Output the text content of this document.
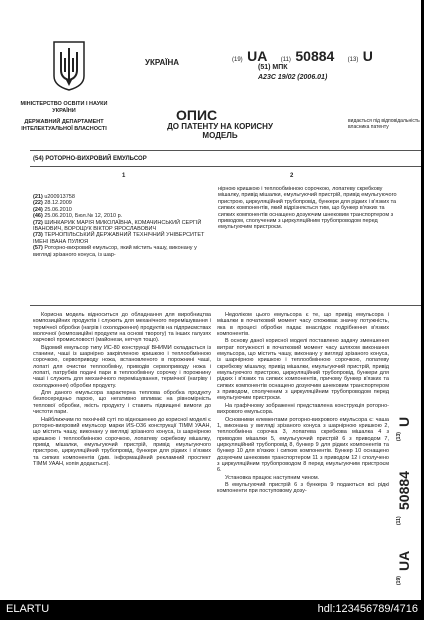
УКРАЇНА
МІНІСТЕРСТВО ОСВІТИ І НАУКИ УКРАЇНИ
ДЕРЖАВНИЙ ДЕПАРТАМЕНТ ІНТЕЛЕКТУАЛЬНОЇ ВЛАСНОСТІ
(19) UA (11) 50884 (13) U
(51) МПК
A23C 19/02 (2006.01)
ОПИС
ДО ПАТЕНТУ НА КОРИСНУ МОДЕЛЬ
видається під відповідальність власника патенту
(54) РОТОРНО-ВИХРОВИЙ ЕМУЛЬСОР
1	2

(21) u200913758

(22) 28.12.2009

(24) 25.06.2010

(46) 25.06.2010, Бюл.№ 12, 2010 р.

(72) ШИНКАРИК МАРІЯ МИКОЛАЇВНА, КОМАЧИНСЬКИЙ СЕРГІЙ ІВАНОВИЧ, ВОРОЩУК ВІКТОР ЯРОСЛАВОВИЧ

(73) ТЕРНОПІЛЬСЬКИЙ ДЕРЖАВНИЙ ТЕХНІЧНИЙ УНІВЕРСИТЕТ ІМЕНІ ІВАНА ПУЛЮЯ

(57) Роторно-вихровий емульсор, який містить чашу, виконану у вигляді зрізаного конуса, із шар-

нірною кришкою і теплообмінною сорочкою, лопатеву скребкову мішалку, привід мішалки, емульгуючий пристрій, привід емульгуючого пристрою, циркуляційний трубопровід, бункери для рідких і в'язких та сипких компонентів, який відрізняється тим, що бункер в'язких та сипких компонентів оснащено дозуючим шнековим транспортером з приводом, сполученим з циркуляційним трубопроводом перед емульгуючим пристроєм.

Корисна модель відноситься до обладнання для виробництва композиційних продуктів і служить для механічного перемішування і термічної обробки (нагрів і охолодження) продуктів на підприємствах молочної (композиційні продукти на основі творогу) та інших галузях харчової промисловості (майонези, кетчуп тощо).

Відомий емульсор типу ИС-80 конструкції ВНИМИ складається із станини, чаші із шарнірно закріпленою кришкою і теплообмінною сорочкою, сервоприводу ножа, встановленого в порожнині чаші, лопаті для очистки теплообміну, приводів сервоприводу ножа і лопаті, патрубків подачі пари в теплообмінну сорочку і порожнину чаші і служить для механічного перемішування, термічної (нагріву і охолодження) обробки продукту.

Для даного емульсора характерна теплова обробка продукту безпосередньо парою, що негативно впливає на рівномірність теплової обробки, якість продукту і ставить підвищені вимоги до чистоти пари.

Найближчим по технічній суті по відношенню до корисної моделі є роторно-вихровий емульсор марки ИS-О36 конструкції ТІММ УААН, що містить чашу, виконану у вигляді зрізаного конуса, із шарнірною кришкою і теплообмінною сорочкою, лопатеву скребкову мішалку, привід мішалки, емульгуючий пристрій, привід емульгуючого пристрою, циркуляційний трубопровід, бункери для рідких і в'язких та сипких компонентів (див. інформаційний рекламний проспект ТІММ УААН, копія додається).

Недоліком цього емульсора є те, що привід емульсора і мішалки в початковий момент часу споживає значну потужність, яка в процесі обробки падає внаслідок подрібнення в'язких компонентів.

В основу даної корисної моделі поставлено задачу зменшення витрат потужності в початковий момент часу шляхом виконання емульсора, що містить чашу, виконану у вигляді зрізаного конуса, із шарнірною кришкою і теплообмінною сорочкою, лопатеву скребкову мішалку, привід мішалки, емульгуючий пристрій, привід емульгуючого пристрою, циркуляційний трубопровід, бункери для рідких і в'язких та сипких компонентів, причому бункер в'язких та сипких компонентів оснащено дозуючим шнековим транспортером з приводом, сполученим з циркуляційним трубопроводом перед емульгуючим пристроєм.

На графічному зображенні представлена конструкція роторно-вихрового емульсора.

Основними елементами роторно-вихрового емульсора є: чаша 1, виконана у вигляді зрізаного конуса з шарнірною кришкою 2, теплообмінна сорочка 3, лопатева скребкова мішалка 4 з приводом мішалки 5, емульгуючий пристрій 6 з приводом 7, циркуляційний трубопровід 8, бункер 9 для рідких компонентів та бункер 10 для в'язких і сипких компонентів. Бункер 10 оснащено дозуючим шнековим транспортером 11 з приводом 12 і сполучено з циркуляційним трубопроводом 8 перед емульгуючим пристроєм 6.

Установка працює наступним чином.

В емульгуючий пристрій 6 з бункера 9 подаються всі рідкі компоненти при поступовому дозу-

(19)
UA
(11)
50884
(13)
U
ELARTU	hdl:123456789/4716
